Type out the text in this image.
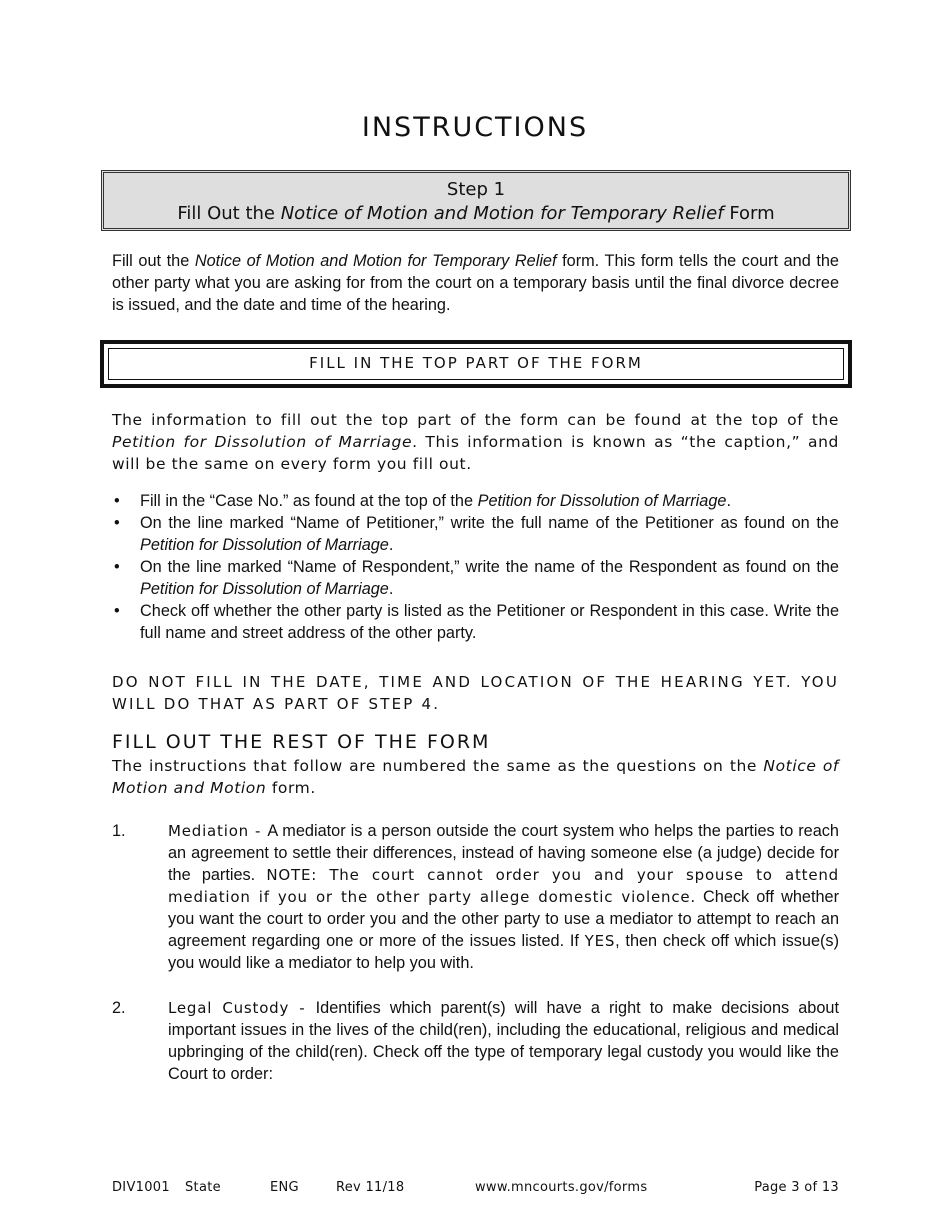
INSTRUCTIONS
Step 1
Fill Out the Notice of Motion and Motion for Temporary Relief Form
Fill out the Notice of Motion and Motion for Temporary Relief form. This form tells the court and the other party what you are asking for from the court on a temporary basis until the final divorce decree is issued, and the date and time of the hearing.
FILL IN THE TOP PART OF THE FORM
The information to fill out the top part of the form can be found at the top of the Petition for Dissolution of Marriage. This information is known as “the caption,” and will be the same on every form you fill out.
• Fill in the “Case No.” as found at the top of the Petition for Dissolution of Marriage.
• On the line marked “Name of Petitioner,” write the full name of the Petitioner as found on the Petition for Dissolution of Marriage.
• On the line marked “Name of Respondent,” write the name of the Respondent as found on the Petition for Dissolution of Marriage.
• Check off whether the other party is listed as the Petitioner or Respondent in this case. Write the full name and street address of the other party.
DO NOT FILL IN THE DATE, TIME AND LOCATION OF THE HEARING YET. YOU WILL DO THAT AS PART OF STEP 4.
FILL OUT THE REST OF THE FORM
The instructions that follow are numbered the same as the questions on the Notice of Motion and Motion form.
1.	Mediation - A mediator is a person outside the court system who helps the parties to reach an agreement to settle their differences, instead of having someone else (a judge) decide for the parties. NOTE: The court cannot order you and your spouse to attend mediation if you or the other party allege domestic violence. Check off whether you want the court to order you and the other party to use a mediator to attempt to reach an agreement regarding one or more of the issues listed. If YES, then check off which issue(s) you would like a mediator to help you with.
2.	Legal Custody - Identifies which parent(s) will have a right to make decisions about important issues in the lives of the child(ren), including the educational, religious and medical upbringing of the child(ren). Check off the type of temporary legal custody you would like the Court to order:
DIV1001 State	ENG	Rev 11/18	www.mncourts.gov/forms	Page 3 of 13
